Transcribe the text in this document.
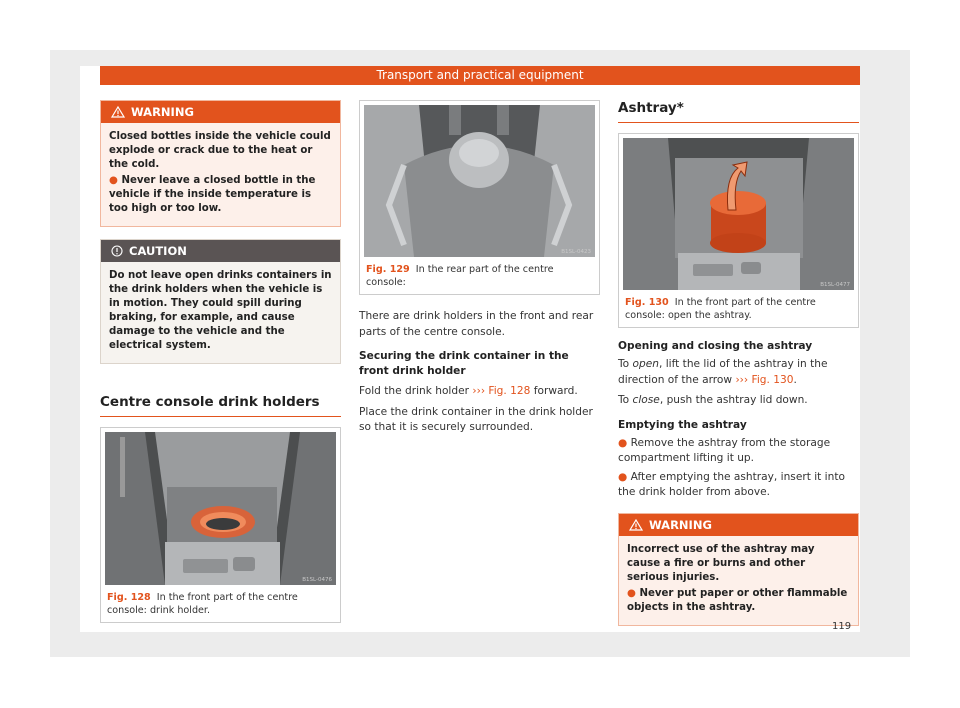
Transport and practical equipment
WARNING

Closed bottles inside the vehicle could explode or crack due to the heat or the cold.

● Never leave a closed bottle in the vehicle if the inside temperature is too high or too low.

CAUTION

Do not leave open drinks containers in the drink holders when the vehicle is in motion. They could spill during braking, for example, and cause damage to the vehicle and the electrical system.

Centre console drink holders
B1SL-0476
Fig. 128 In the front part of the centre console: drink holder.
B1SL-0423
Fig. 129 In the rear part of the centre console:

There are drink holders in the front and rear parts of the centre console.

Securing the drink container in the front drink holder

Fold the drink holder ››› Fig. 128 forward.

Place the drink container in the drink holder so that it is securely surrounded.

Ashtray*
B1SL-0477
Fig. 130 In the front part of the centre console: open the ashtray.

Opening and closing the ashtray

To open, lift the lid of the ashtray in the direction of the arrow ››› Fig. 130.

To close, push the ashtray lid down.

Emptying the ashtray

● Remove the ashtray from the storage compartment lifting it up.

● After emptying the ashtray, insert it into the drink holder from above.

WARNING

Incorrect use of the ashtray may cause a fire or burns and other serious injuries.

● Never put paper or other flammable objects in the ashtray.

119
